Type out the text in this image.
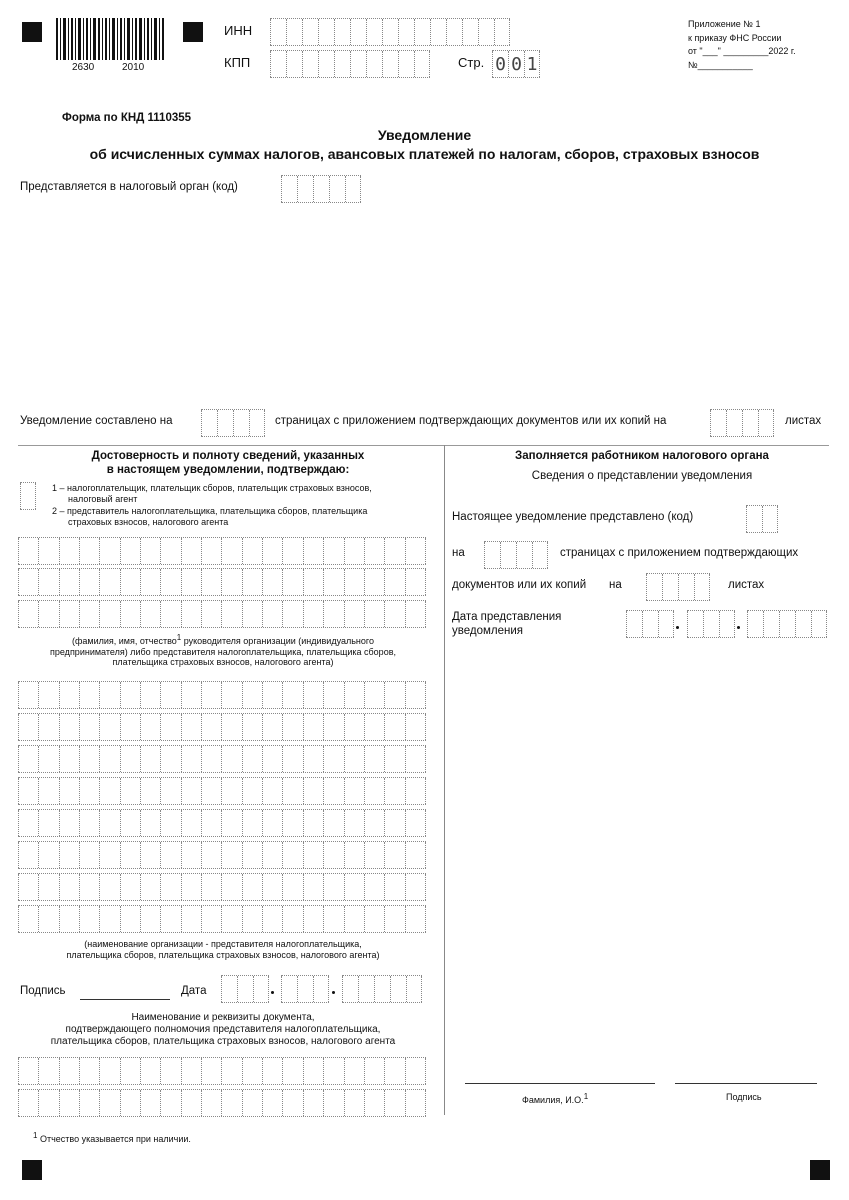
2630	2010
ИНН
КПП	Стр. 0 0 1
Приложение № 1
к приказу ФНС России
от "___" _________2022 г.
№___________
Форма по КНД 1110355
Уведомление
об исчисленных суммах налогов, авансовых платежей по налогам, сборов, страховых взносов
Представляется в налоговый орган (код)
Уведомление составлено на	страницах с приложением подтверждающих документов или их копий на	листах
Достоверность и полноту сведений, указанных
в настоящем уведомлении, подтверждаю:
1 – налогоплательщик, плательщик сборов, плательщик страховых взносов,
налоговый агент
2 – представитель налогоплательщика, плательщика сборов, плательщика
страховых взносов, налогового агента
(фамилия, имя, отчество$^1$ руководителя организации (индивидуального
предпринимателя) либо представителя налогоплательщика, плательщика сборов,
плательщика страховых взносов, налогового агента)
(наименование организации - представителя налогоплательщика,
плательщика сборов, плательщика страховых взносов, налогового агента)
Подпись	Дата
Наименование и реквизиты документа,
подтверждающего полномочия представителя налогоплательщика,
плательщика сборов, плательщика страховых взносов, налогового агента
Заполняется работником налогового органа
Сведения о представлении уведомления
Настоящее уведомление представлено (код)
на	страницах с приложением подтверждающих
документов или их копий на	листах
Дата представления
уведомления
Фамилия, И.О.$^1$	Подпись
$^1$ Отчество указывается при наличии.
